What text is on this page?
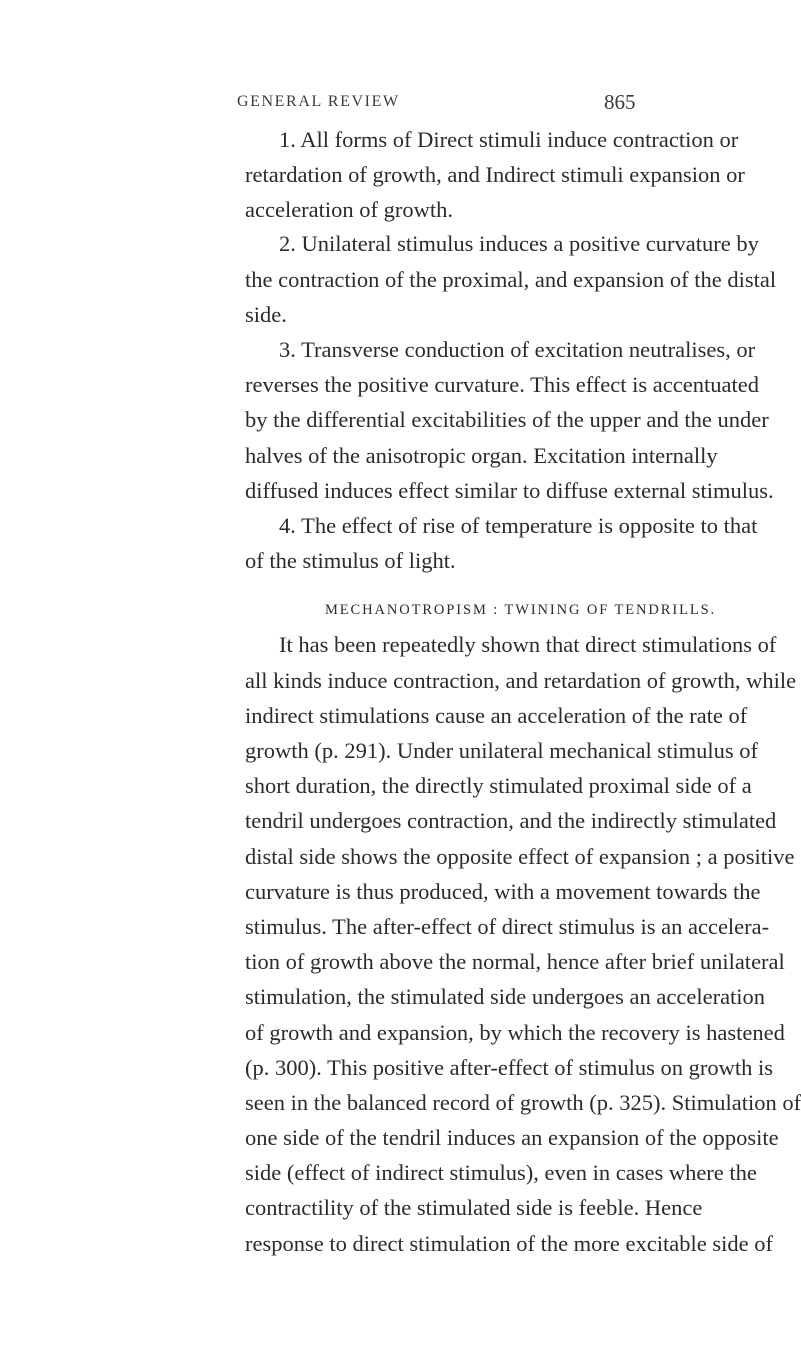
GENERAL REVIEW	865
1. All forms of Direct stimuli induce contraction or
retardation of growth, and Indirect stimuli expansion or
acceleration of growth.
2. Unilateral stimulus induces a positive curvature by
the contraction of the proximal, and expansion of the distal
side.
3. Transverse conduction of excitation neutralises, or
reverses the positive curvature. This effect is accentuated
by the differential excitabilities of the upper and the under
halves of the anisotropic organ. Excitation internally
diffused induces effect similar to diffuse external stimulus.
4. The effect of rise of temperature is opposite to that
of the stimulus of light.
MECHANOTROPISM : TWINING OF TENDRILLS.
It has been repeatedly shown that direct stimulations of
all kinds induce contraction, and retardation of growth, while
indirect stimulations cause an acceleration of the rate of
growth (p. 291). Under unilateral mechanical stimulus of
short duration, the directly stimulated proximal side of a
tendril undergoes contraction, and the indirectly stimulated
distal side shows the opposite effect of expansion ; a positive
curvature is thus produced, with a movement towards the
stimulus. The after-effect of direct stimulus is an accelera-
tion of growth above the normal, hence after brief unilateral
stimulation, the stimulated side undergoes an acceleration
of growth and expansion, by which the recovery is hastened
(p. 300). This positive after-effect of stimulus on growth is
seen in the balanced record of growth (p. 325). Stimulation of
one side of the tendril induces an expansion of the opposite
side (effect of indirect stimulus), even in cases where the
contractility of the stimulated side is feeble. Hence
response to direct stimulation of the more excitable side of
